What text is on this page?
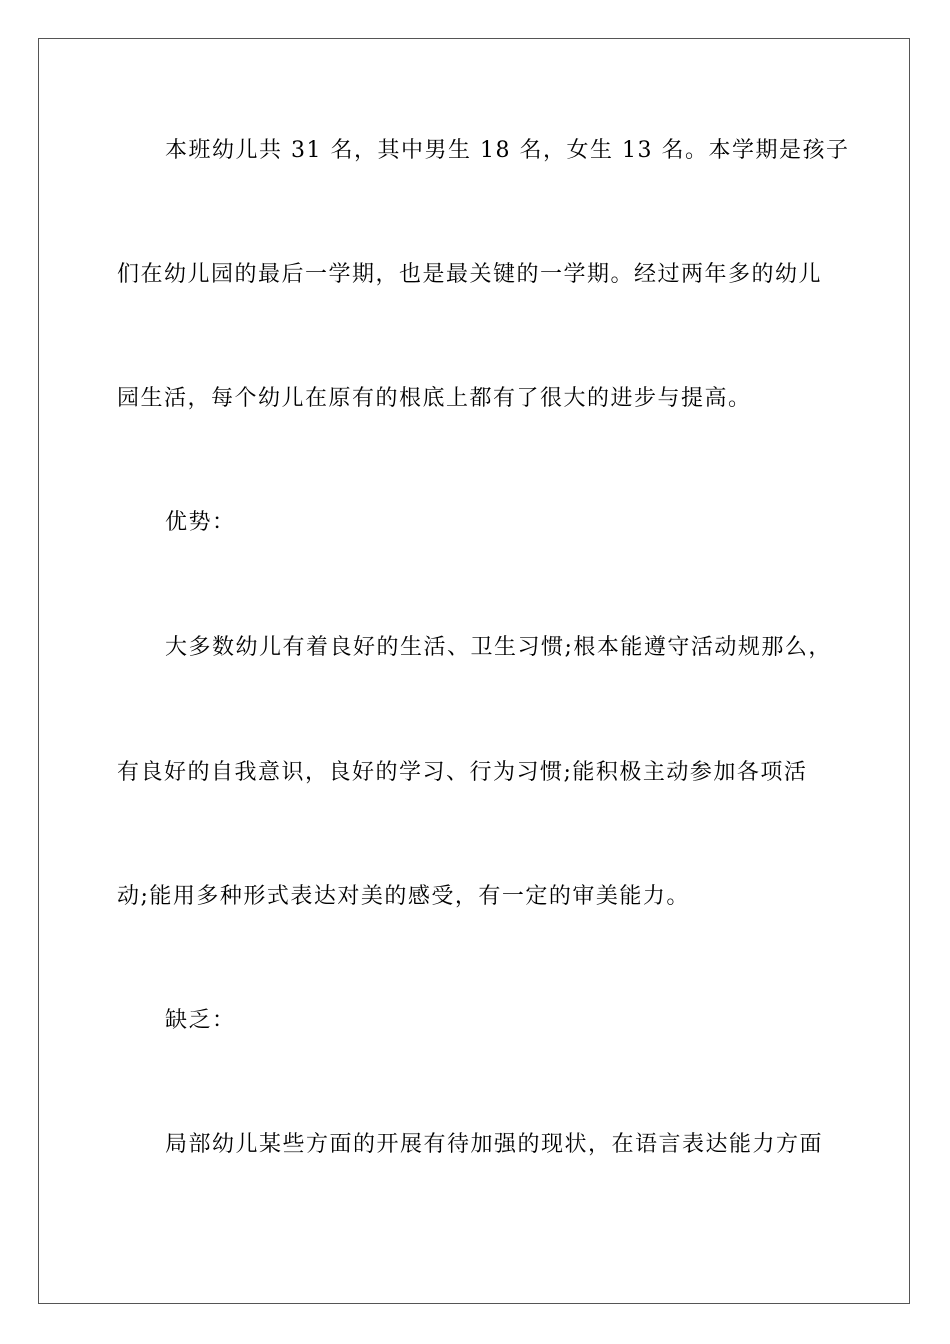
本班幼儿共 31 名，其中男生 18 名，女生 13 名。本学期是孩子
们在幼儿园的最后一学期，也是最关键的一学期。经过两年多的幼儿
园生活，每个幼儿在原有的根底上都有了很大的进步与提高。
优势：
大多数幼儿有着良好的生活、卫生习惯;根本能遵守活动规那么，
有良好的自我意识，良好的学习、行为习惯;能积极主动参加各项活
动;能用多种形式表达对美的感受，有一定的审美能力。
缺乏：
局部幼儿某些方面的开展有待加强的现状，在语言表达能力方面
